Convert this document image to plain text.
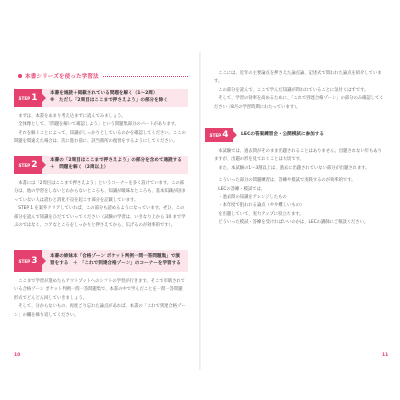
本書シリーズを使った学習法
STEP 1	本書を通読＋掲載されている問題を解く（1～2周）
※　ただし「2周目はここまで押さえよう」の部分を除く

まずは、本書をあまり考え込まずに読んでみましょう。

全体像として、「問題を解いて確認しよう」という問題集部分のパートがあります。

それを解くことによって、知識がしっかりとしているのかを確認してください。ここの問題を間違えた場合は、次に進む前に、該当箇所の復習をするようにしてください。

STEP 2	本書の「2周目はここまで押さえよう」の部分を含めて通読する　＋　問題を解く（2周以上）

本書には「2周目はここまで押さえよう」というコーナーを多く設けています。この部分は、他の学習をしないとわからないところも、知識が曖昧なところも、基本知識が固まっていない人は読むと消化不良を起こす部分を記載しています。

STEP 1 を案外クリアしていれば、この部分も読めるようになっています。ぜひ、この部分を読んで知識をひだてていってください（試験の学習は、いきなり上から 10 まで学ぶのではなく、コアなところをしっかりと押さえてから、広げるのが効率的です）。

STEP 3	本書の姉妹本「合格ゾーン ポケット判例一問一答問題集」で演習をする　＋　「これで到達合格ゾーン」のコーナーを学習する

ここまで学習が進めたらアウトプットへのシフトの学習が行きます。そこで市販されている合格ゾーン ポケット判例一問一答問題集で、本書の中で学んだことを一問一答問題形式でどんどん回していきましょう。

そして、分からないもの、再度ごり忘れた論点があれば、本書の「これで到達合格ゾーン」の欄を繰り返してください。

10

ここには、近年の主要論点を押さえた論点論、記述式で問われた論点を紹介しています。

この部分を読んで、ここで学んだ知識が問われていることに気付くはずです。

そして、学習の効率を高めるために、「これで到達合格ゾーン」の部分のみ確認してください（8月の学習時期にわたっています）。

STEP 4	LECの答案練習会・公開模試に参加する

本試験では、過去問がそのまま出題されることはありません。出題されない年もありますが、出題の形を見ておくことは大切です。

また、本試験の1～3割以上は、過去に出題されていない部分が出題されます。

こういった部分の問題練習は、答練や模試で実践するのが効率的です。

LECの答練・模試では、

・過去問の知識をアレンジしたもの

・本年度で狙われる論点（やや難しいもの）

を出題していて、実力アップに役立ちます。

どういった模試・答練を受ければいいのかは、LECの講師にご相談ください。

11
